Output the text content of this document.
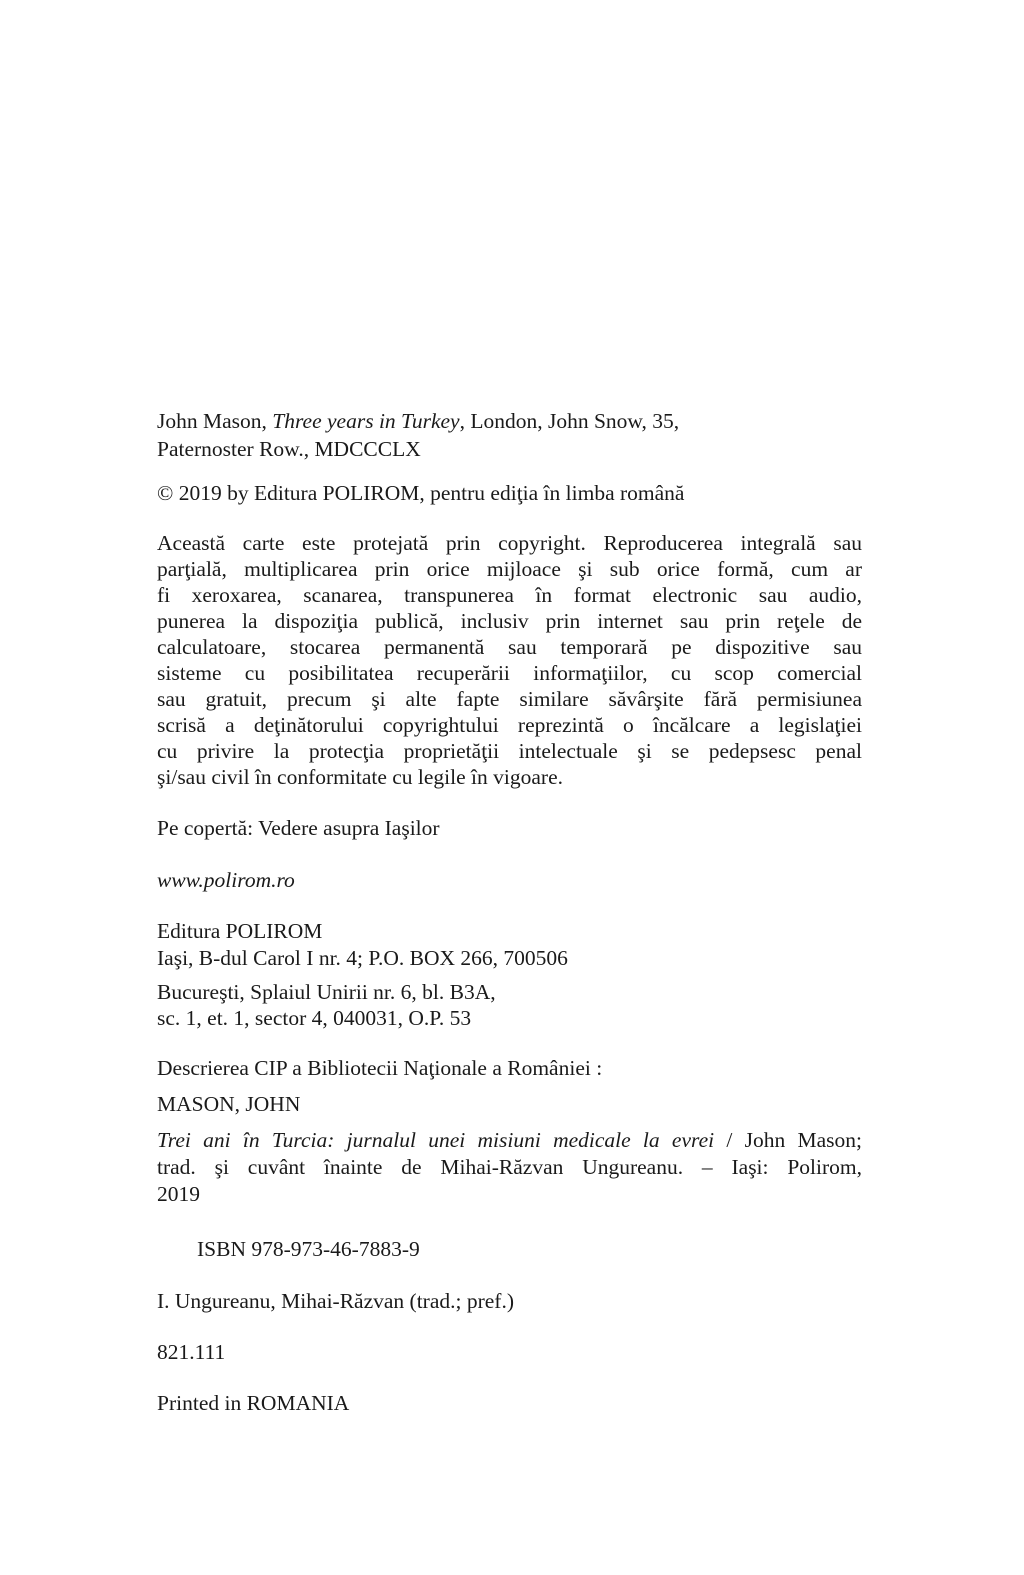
John Mason, Three years in Turkey, London, John Snow, 35,
Paternoster Row., MDCCCLX
© 2019 by Editura POLIROM, pentru ediţia în limba română
Această carte este protejată prin copyright. Reproducerea integrală sau
parţială, multiplicarea prin orice mijloace şi sub orice formă, cum ar
fi xeroxarea, scanarea, transpunerea în format electronic sau audio,
punerea la dispoziţia publică, inclusiv prin internet sau prin reţele de
calculatoare, stocarea permanentă sau temporară pe dispozitive sau
sisteme cu posibilitatea recuperării informaţiilor, cu scop comercial
sau gratuit, precum şi alte fapte similare săvârşite fără permisiunea
scrisă a deţinătorului copyrightului reprezintă o încălcare a legislaţiei
cu privire la protecţia proprietăţii intelectuale şi se pedepsesc penal
şi/sau civil în conformitate cu legile în vigoare.
Pe copertă: Vedere asupra Iaşilor
www.polirom.ro
Editura POLIROM
Iaşi, B-dul Carol I nr. 4; P.O. BOX 266, 700506
Bucureşti, Splaiul Unirii nr. 6, bl. B3A,
sc. 1, et. 1, sector 4, 040031, O.P. 53
Descrierea CIP a Bibliotecii Naţionale a României :
MASON, JOHN
Trei ani în Turcia: jurnalul unei misiuni medicale la evrei / John Mason;
trad. şi cuvânt înainte de Mihai-Răzvan Ungureanu. – Iaşi: Polirom,
2019
ISBN 978-973-46-7883-9
I. Ungureanu, Mihai-Răzvan (trad.; pref.)
821.111
Printed in ROMANIA
